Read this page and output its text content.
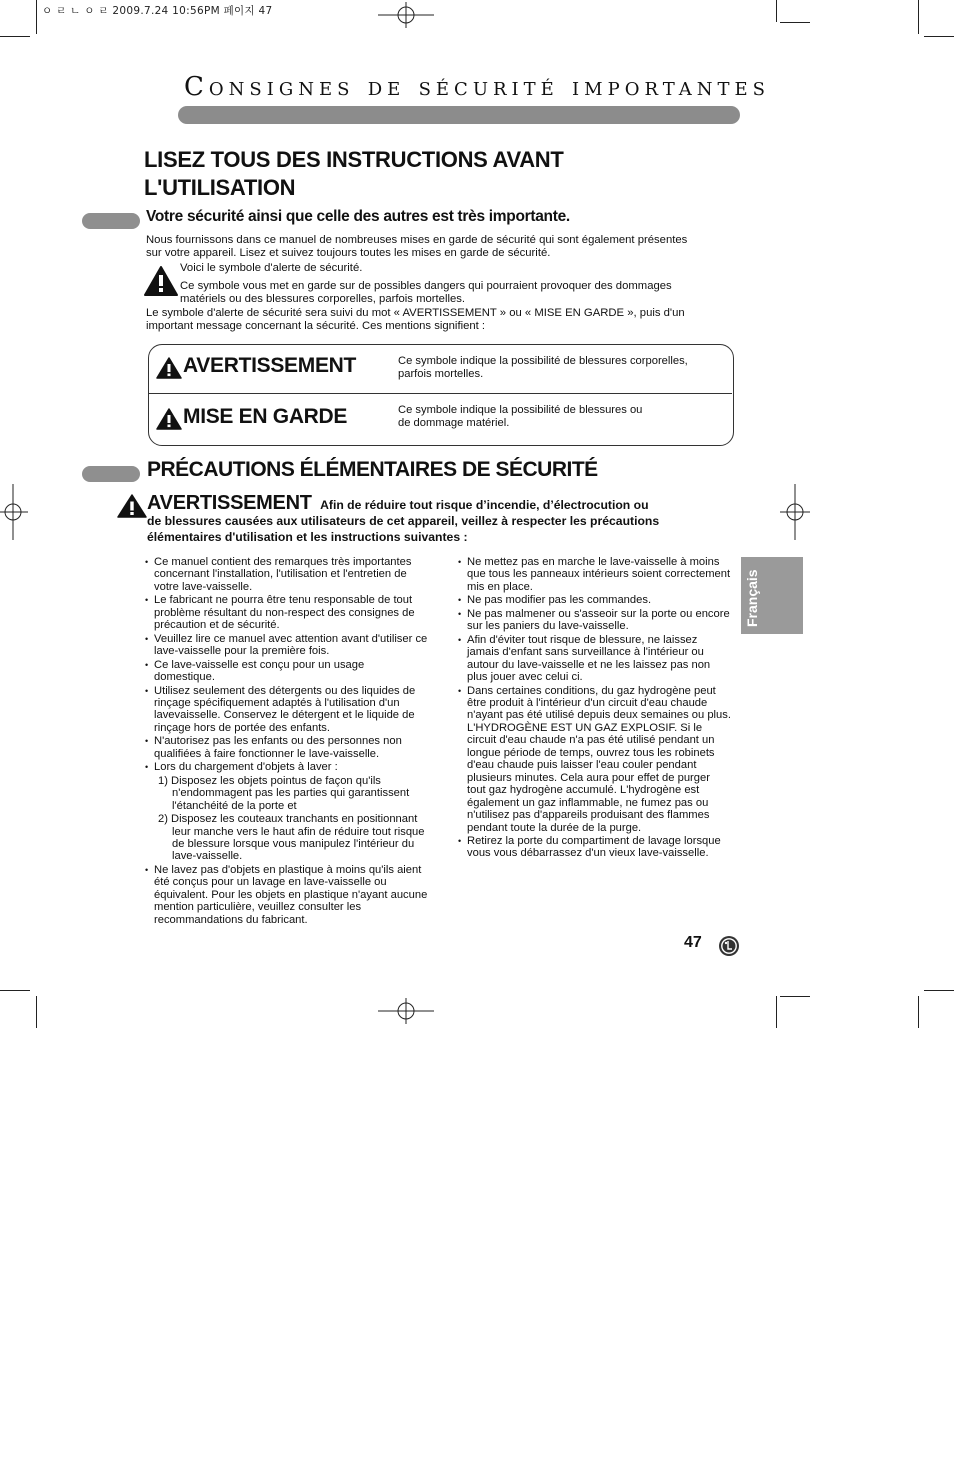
ㅇ ㄹ ㄴ ㅇ ㄹ 2009.7.24 10:56PM 페이지 47
Consignes de sécurité importantes
LISEZ TOUS DES INSTRUCTIONS AVANT
L'UTILISATION
Votre sécurité ainsi que celle des autres est très importante.
Nous fournissons dans ce manuel de nombreuses mises en garde de sécurité qui sont également présentes
sur votre appareil. Lisez et suivez toujours toutes les mises en garde de sécurité.
Voici le symbole d'alerte de sécurité.
Ce symbole vous met en garde sur de possibles dangers qui pourraient provoquer des dommages
matériels ou des blessures corporelles, parfois mortelles.
Le symbole d'alerte de sécurité sera suivi du mot « AVERTISSEMENT » ou « MISE EN GARDE », puis d'un
important message concernant la sécurité. Ces mentions signifient :
AVERTISSEMENT	Ce symbole indique la possibilité de blessures corporelles,
parfois mortelles.
MISE EN GARDE	Ce symbole indique la possibilité de blessures ou
de dommage matériel.
PRÉCAUTIONS ÉLÉMENTAIRES DE SÉCURITÉ
AVERTISSEMENT Afin de réduire tout risque d’incendie, d’électrocution ou
de blessures causées aux utilisateurs de cet appareil, veillez à respecter les précautions
élémentaires d'utilisation et les instructions suivantes :
• Ce manuel contient des remarques très importantes concernant l'installation, l'utilisation et l'entretien de votre lave-vaisselle.
• Le fabricant ne pourra être tenu responsable de tout problème résultant du non-respect des consignes de précaution et de sécurité.
• Veuillez lire ce manuel avec attention avant d'utiliser ce lave-vaisselle pour la première fois.
• Ce lave-vaisselle est conçu pour un usage domestique.
• Utilisez seulement des détergents ou des liquides de rinçage spécifiquement adaptés à l'utilisation d'un lavevaisselle. Conservez le détergent et le liquide de rinçage hors de portée des enfants.
• N'autorisez pas les enfants ou des personnes non qualifiées à faire fonctionner le lave-vaisselle.
• Lors du chargement d'objets à laver :
1) Disposez les objets pointus de façon qu'ils n'endommagent pas les parties qui garantissent l'étanchéité de la porte et
2) Disposez les couteaux tranchants en positionnant leur manche vers le haut afin de réduire tout risque de blessure lorsque vous manipulez l'intérieur du lave-vaisselle.
• Ne lavez pas d'objets en plastique à moins qu'ils aient été conçus pour un lavage en lave-vaisselle ou équivalent. Pour les objets en plastique n'ayant aucune mention particulière, veuillez consulter les recommandations du fabricant.
• Ne mettez pas en marche le lave-vaisselle à moins que tous les panneaux intérieurs soient correctement mis en place.
• Ne pas modifier pas les commandes.
• Ne pas malmener ou s'asseoir sur la porte ou encore sur les paniers du lave-vaisselle.
• Afin d'éviter tout risque de blessure, ne laissez jamais d'enfant sans surveillance à l'intérieur ou autour du lave-vaisselle et ne les laissez pas non plus jouer avec celui ci.
• Dans certaines conditions, du gaz hydrogène peut être produit à l'intérieur d'un circuit d'eau chaude n'ayant pas été utilisé depuis deux semaines ou plus. L'HYDROGÈNE EST UN GAZ EXPLOSIF. Si le circuit d'eau chaude n'a pas été utilisé pendant un longue période de temps, ouvrez tous les robinets d'eau chaude puis laisser l'eau couler pendant plusieurs minutes. Cela aura pour effet de purger tout gaz hydrogène accumulé. L'hydrogène est également un gaz inflammable, ne fumez pas ou n'utilisez pas d'appareils produisant des flammes pendant toute la durée de la purge.
• Retirez la porte du compartiment de lavage lorsque vous vous débarrassez d'un vieux lave-vaisselle.
Français
47
